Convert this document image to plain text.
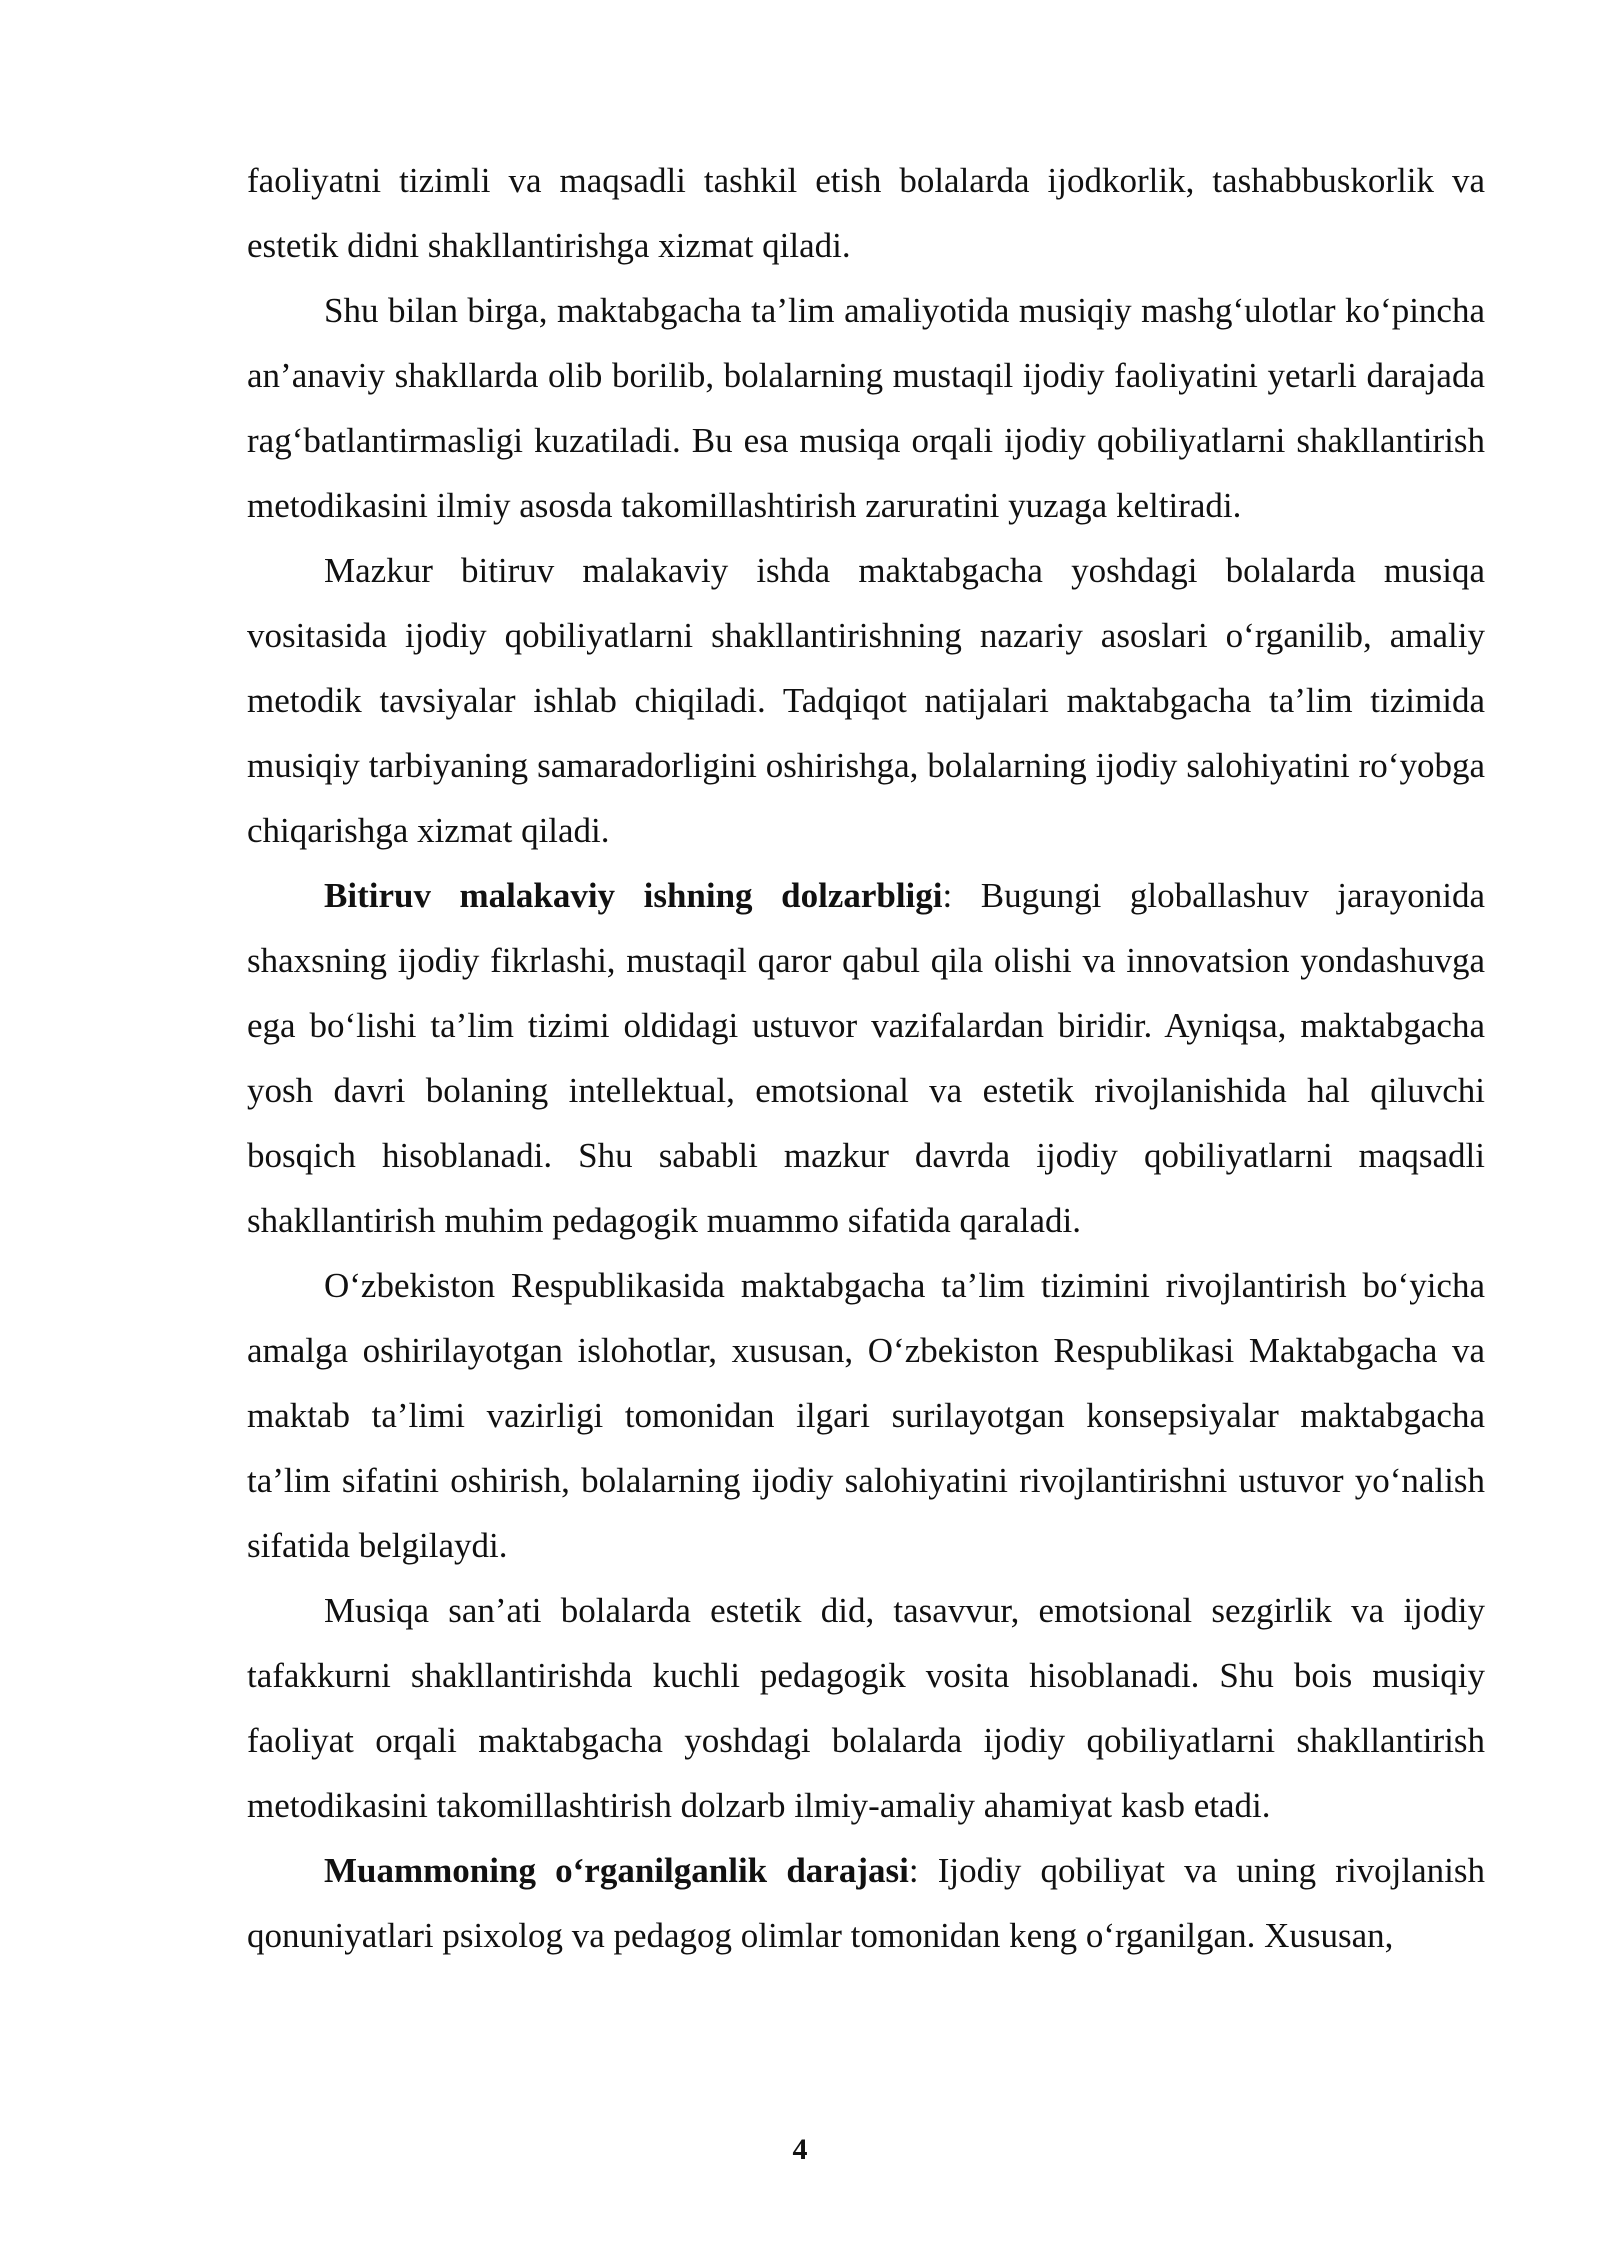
faoliyatni tizimli va maqsadli tashkil etish bolalarda ijodkorlik, tashabbuskorlik va estetik didni shakllantirishga xizmat qiladi.

Shu bilan birga, maktabgacha ta’lim amaliyotida musiqiy mashg‘ulotlar ko‘pincha an’anaviy shakllarda olib borilib, bolalarning mustaqil ijodiy faoliyatini yetarli darajada rag‘batlantirmasligi kuzatiladi. Bu esa musiqa orqali ijodiy qobiliyatlarni shakllantirish metodikasini ilmiy asosda takomillashtirish zaruratini yuzaga keltiradi.

Mazkur bitiruv malakaviy ishda maktabgacha yoshdagi bolalarda musiqa vositasida ijodiy qobiliyatlarni shakllantirishning nazariy asoslari o‘rganilib, amaliy metodik tavsiyalar ishlab chiqiladi. Tadqiqot natijalari maktabgacha ta’lim tizimida musiqiy tarbiyaning samaradorligini oshirishga, bolalarning ijodiy salohiyatini ro‘yobga chiqarishga xizmat qiladi.

Bitiruv malakaviy ishning dolzarbligi: Bugungi globallashuv jarayonida shaxsning ijodiy fikrlashi, mustaqil qaror qabul qila olishi va innovatsion yondashuvga ega bo‘lishi ta’lim tizimi oldidagi ustuvor vazifalardan biridir. Ayniqsa, maktabgacha yosh davri bolaning intellektual, emotsional va estetik rivojlanishida hal qiluvchi bosqich hisoblanadi. Shu sababli mazkur davrda ijodiy qobiliyatlarni maqsadli shakllantirish muhim pedagogik muammo sifatida qaraladi.

O‘zbekiston Respublikasida maktabgacha ta’lim tizimini rivojlantirish bo‘yicha amalga oshirilayotgan islohotlar, xususan, O‘zbekiston Respublikasi Maktabgacha va maktab ta’limi vazirligi tomonidan ilgari surilayotgan konsepsiyalar maktabgacha ta’lim sifatini oshirish, bolalarning ijodiy salohiyatini rivojlantirishni ustuvor yo‘nalish sifatida belgilaydi.

Musiqa san’ati bolalarda estetik did, tasavvur, emotsional sezgirlik va ijodiy tafakkurni shakllantirishda kuchli pedagogik vosita hisoblanadi. Shu bois musiqiy faoliyat orqali maktabgacha yoshdagi bolalarda ijodiy qobiliyatlarni shakllantirish metodikasini takomillashtirish dolzarb ilmiy-amaliy ahamiyat kasb etadi.

Muammoning o‘rganilganlik darajasi: Ijodiy qobiliyat va uning rivojlanish qonuniyatlari psixolog va pedagog olimlar tomonidan keng o‘rganilgan. Xususan,

4
